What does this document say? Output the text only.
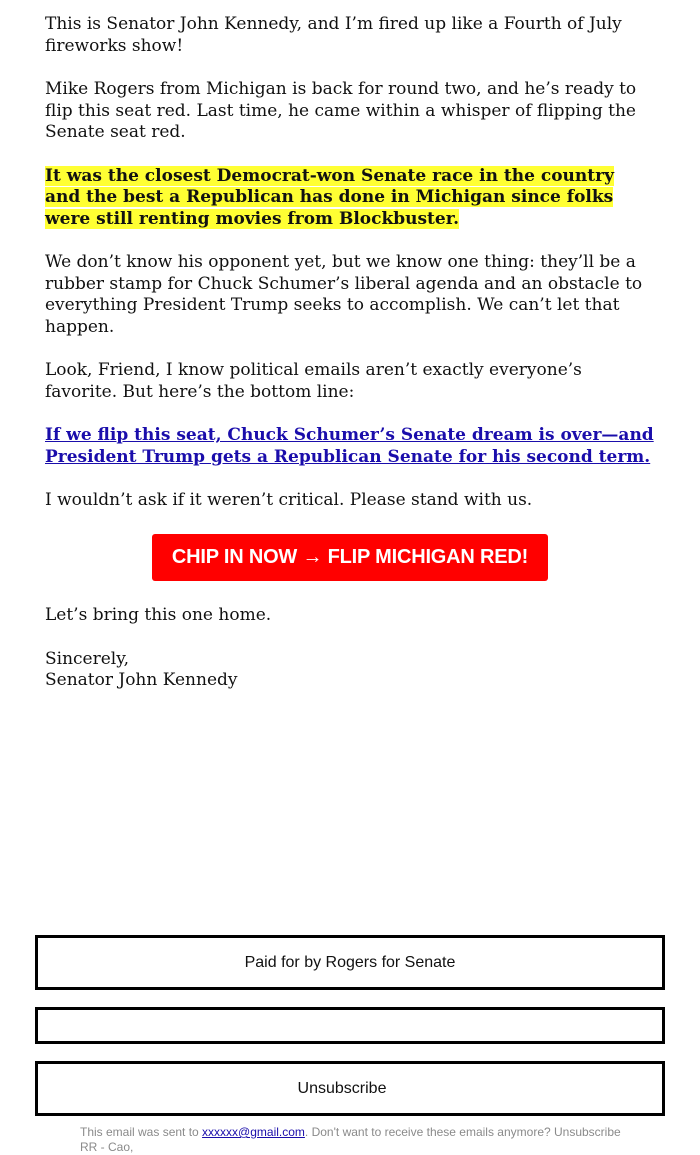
This is Senator John Kennedy, and I’m fired up like a Fourth of July fireworks show!

Mike Rogers from Michigan is back for round two, and he’s ready to flip this seat red. Last time, he came within a whisper of flipping the Senate seat red.

It was the closest Democrat-won Senate race in the country and the best a Republican has done in Michigan since folks were still renting movies from Blockbuster.

We don’t know his opponent yet, but we know one thing: they’ll be a rubber stamp for Chuck Schumer’s liberal agenda and an obstacle to everything President Trump seeks to accomplish. We can’t let that happen.

Look, Friend, I know political emails aren’t exactly everyone’s favorite. But here’s the bottom line:

If we flip this seat, Chuck Schumer’s Senate dream is over—and President Trump gets a Republican Senate for his second term.

I wouldn’t ask if it weren’t critical. Please stand with us.

CHIP IN NOW → FLIP MICHIGAN RED!

Let’s bring this one home.

Sincerely,

Senator John Kennedy

Paid for by Rogers for Senate
Unsubscribe
This email was sent to xxxxxx@gmail.com. Don't want to receive these emails anymore? Unsubscribe
RR - Cao,
